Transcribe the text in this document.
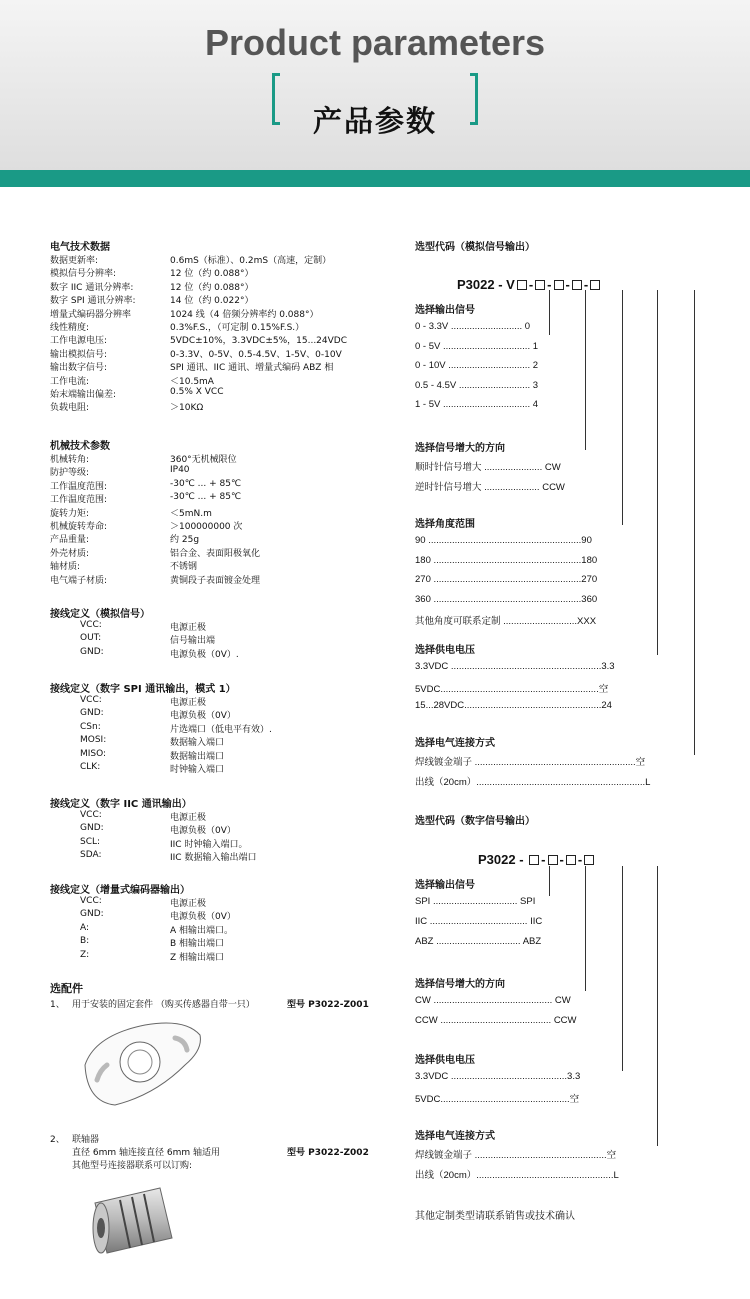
Product parameters
产品参数
电气技术数据
数据更新率:	0.6mS（标准）、0.2mS（高速，定制）
模拟信号分辨率:	12 位（约 0.088°）
数字 IIC 通讯分辨率:	12 位（约 0.088°）
数字 SPI 通讯分辨率:	14 位（约 0.022°）
增量式编码器分辨率	1024 线（4 倍频分辨率约 0.088°）
线性精度:	0.3%F.S.，（可定制 0.15%F.S.）
工作电源电压:	5VDC±10%，3.3VDC±5%，15...24VDC
输出模拟信号:	0-3.3V、0-5V、0.5-4.5V、1-5V、0-10V
输出数字信号:	SPI 通讯、IIC 通讯、增量式编码 ABZ 相
工作电流:	＜10.5mA
始末端输出偏差:	0.5% X VCC
负载电阻:	＞10KΩ
机械技术参数
机械转角:	360°无机械限位
防护等级:	IP40
工作温度范围:	-30℃ ... + 85℃
工作温度范围:	-30℃ ... + 85℃
旋转力矩:	＜5mN.m
机械旋转寿命:	＞100000000 次
产品重量:	约 25g
外壳材质:	铝合金、表面阳极氧化
轴材质:	不锈钢
电气端子材质:	黄铜段子表面镀金处理
接线定义（模拟信号）
VCC:	电源正极
OUT:	信号输出端
GND:	电源负极（0V）.
接线定义（数字 SPI 通讯输出，模式 1）
VCC:	电源正极
GND:	电源负极（0V）
CSn:	片选端口（低电平有效）.
MOSI:	数据输入端口
MISO:	数据输出端口
CLK:	时钟输入端口
接线定义（数字 IIC 通讯输出）
VCC:	电源正极
GND:	电源负极（0V）
SCL:	IIC 时钟输入端口。
SDA:	IIC 数据输入输出端口
接线定义（增量式编码器输出）
VCC:	电源正极
GND:	电源负极（0V）
A:	A 相输出端口。
B:	B 相输出端口
Z:	Z 相输出端口
选配件
1、 用于安装的固定套件 （购买传感器自带一只）	型号 P3022-Z001
2、 联轴器
直径 6mm 轴连接直径 6mm 轴适用	型号 P3022-Z002
其他型号连接器联系可以订购:
选型代码（模拟信号输出）
P3022 - V - - - -
选择输出信号
0 - 3.3V ........................... 0
0 - 5V ................................. 1
0 - 10V ............................... 2
0.5 - 4.5V ........................... 3
1 - 5V ................................. 4
选择信号增大的方向
顺时针信号增大 ...................... CW
逆时针信号增大 ..................... CCW
选择角度范围
90 ..........................................................90
180 ........................................................180
270 ........................................................270
360 ........................................................360
其他角度可联系定制 ............................XXX
选择供电电压
3.3VDC .........................................................3.3
5VDC............................................................空
15...28VDC....................................................24
选择电气连接方式
焊线镀金端子 .............................................................空
出线（20cm）................................................................L
选型代码（数字信号输出）
P3022 - - - -
选择输出信号
SPI ................................ SPI
IIC ..................................... IIC
ABZ ................................ ABZ
选择信号增大的方向
CW ............................................. CW
CCW .......................................... CCW
选择供电电压
3.3VDC ............................................3.3
5VDC.................................................空
选择电气连接方式
焊线镀金端子 ..................................................空
出线（20cm）....................................................L
其他定制类型请联系销售或技术确认
